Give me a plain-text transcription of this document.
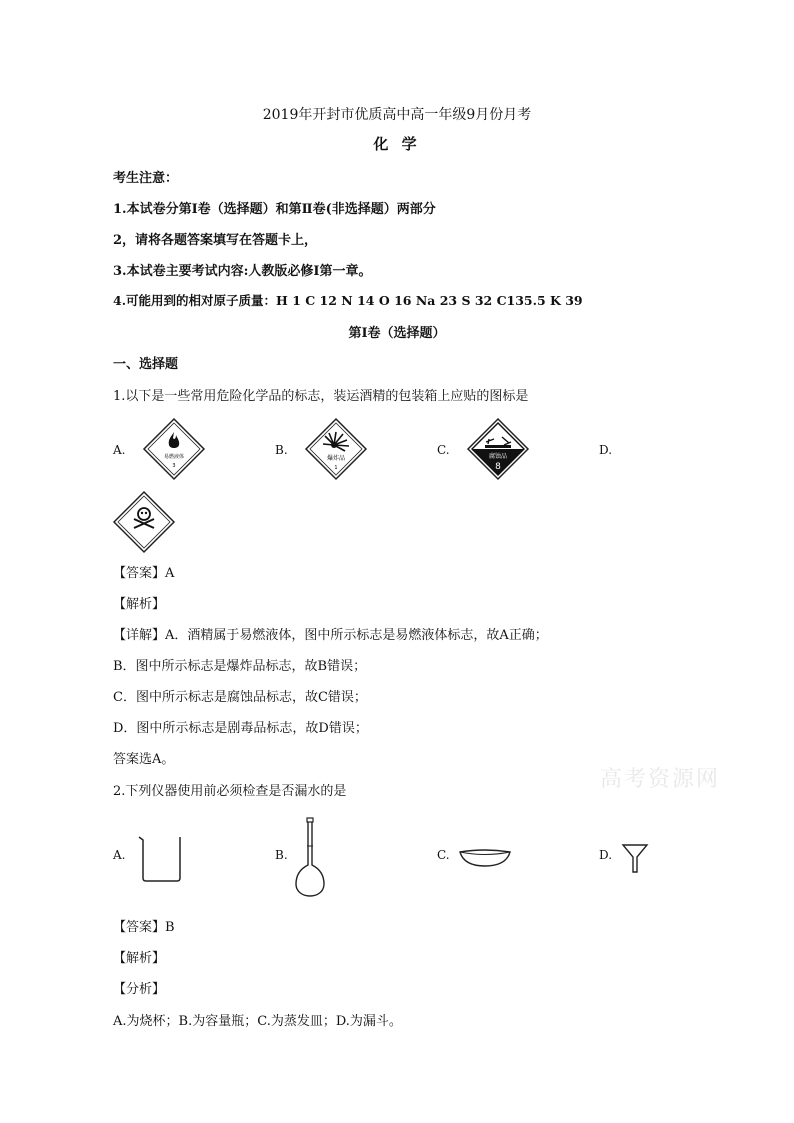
2019年开封市优质高中高一年级9月份月考
化 学
考生注意：
1.本试卷分第Ⅰ卷（选择题）和第Ⅱ卷(非选择题）两部分
2，请将各题答案填写在答题卡上，
3.本试卷主要考试内容:人教版必修Ⅰ第一章。
4.可能用到的相对原子质量：H 1 C 12 N 14 O 16 Na 23 S 32 C135.5 K 39
第Ⅰ卷（选择题）
一、选择题
1.以下是一些常用危险化学品的标志，装运酒精的包装箱上应贴的图标是
A.	B.	C.	D.
易燃液体
3
爆炸品
1
腐蚀品
8
【答案】A
【解析】
【详解】A．酒精属于易燃液体，图中所示标志是易燃液体标志，故A正确；
B．图中所示标志是爆炸品标志，故B错误；
C．图中所示标志是腐蚀品标志，故C错误；
D．图中所示标志是剧毒品标志，故D错误；
答案选A。
高考资源网
2.下列仪器使用前必须检查是否漏水的是
A.	B.	C.	D.
【答案】B
【解析】
【分析】
A.为烧杯；B.为容量瓶；C.为蒸发皿；D.为漏斗。
